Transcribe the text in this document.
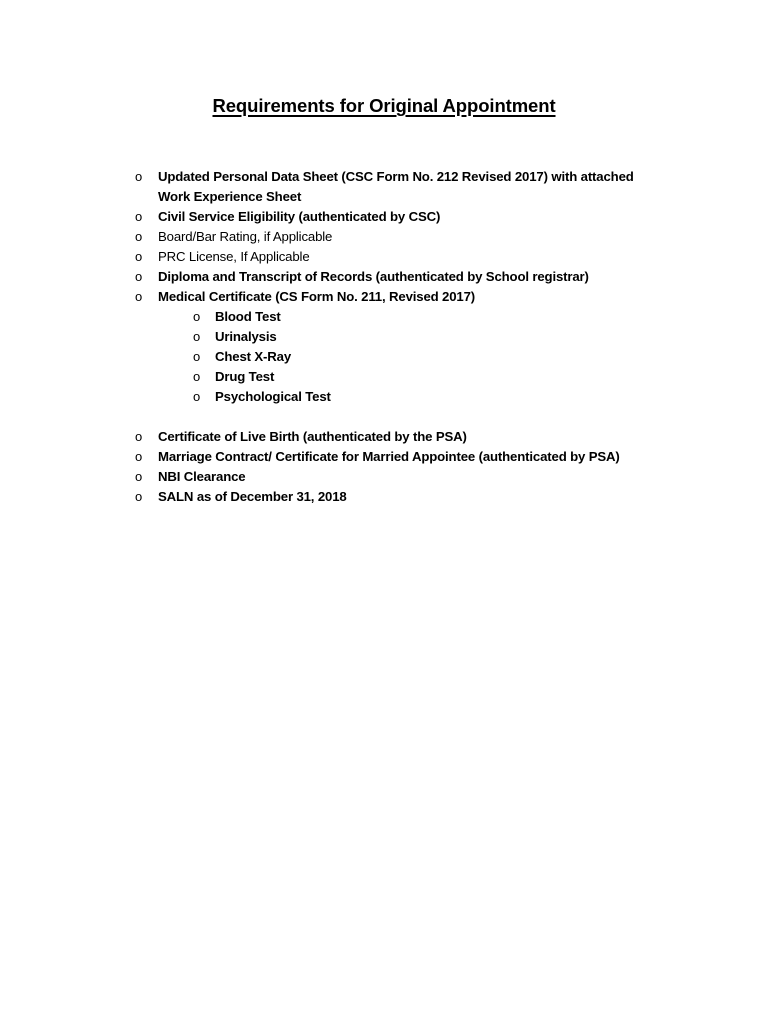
Requirements for Original Appointment
o	Updated Personal Data Sheet (CSC Form No. 212 Revised 2017) with attached Work Experience Sheet
o	Civil Service Eligibility (authenticated by CSC)
o	Board/Bar Rating, if Applicable
o	PRC License, If Applicable
o	Diploma and Transcript of Records (authenticated by School registrar)
o	Medical Certificate (CS Form No. 211, Revised 2017)
o	Blood Test
o	Urinalysis
o	Chest X-Ray
o	Drug Test
o	Psychological Test
o	Certificate of Live Birth (authenticated by the PSA)
o	Marriage Contract/ Certificate for Married Appointee (authenticated by PSA)
o	NBI Clearance
o	SALN as of December 31, 2018
